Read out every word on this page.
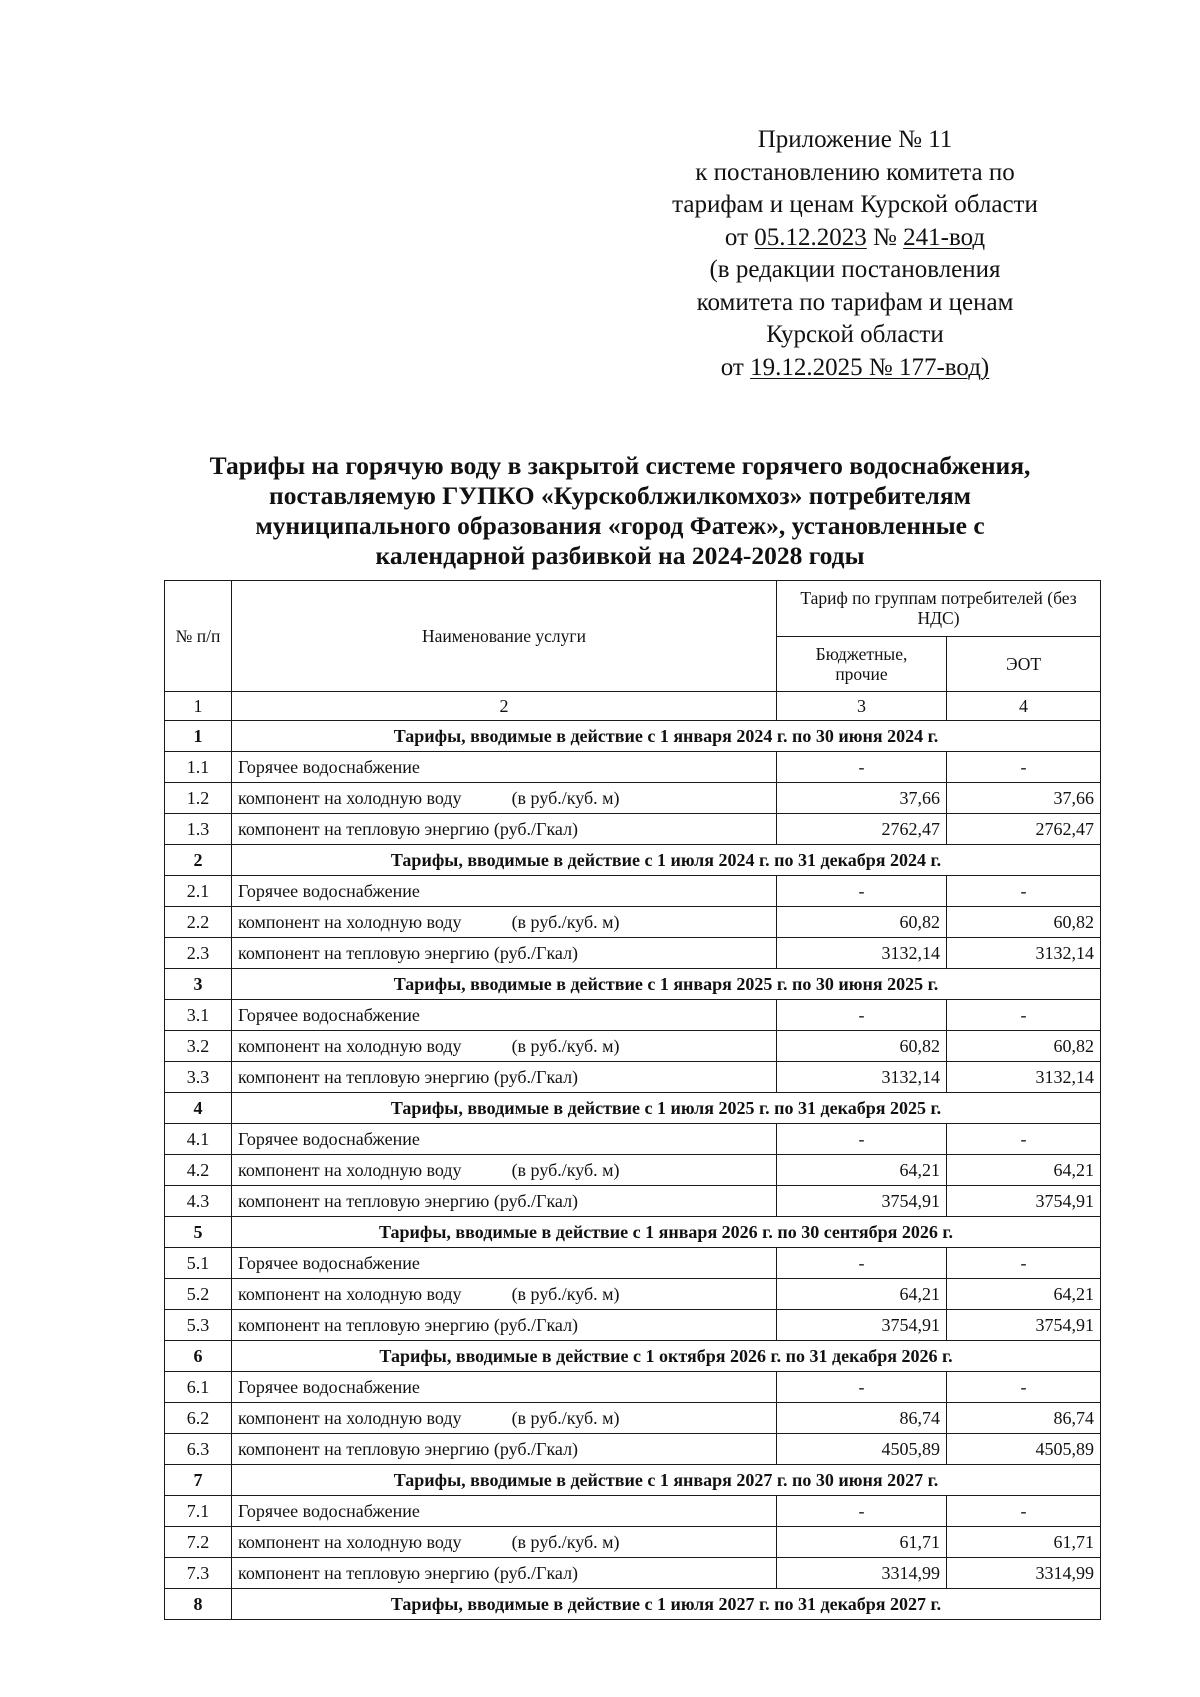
Приложение № 11
к постановлению комитета по
тарифам и ценам Курской области
от 05.12.2023 № 241-вод
(в редакции постановления
комитета по тарифам и ценам
Курской области
от 19.12.2025 № 177-вод)
Тарифы на горячую воду в закрытой системе горячего водоснабжения,
поставляемую ГУПКО «Курскоблжилкомхоз» потребителям
муниципального образования «город Фатеж», установленные с
календарной разбивкой на 2024-2028 годы
№ п/п	Наименование услуги	Тариф по группам потребителей (без НДС)	
		Бюджетные, прочие	ЭОТ
1	2	3	4
1	Тарифы, вводимые в действие с 1 января 2024 г. по 30 июня 2024 г.		
1.1	Горячее водоснабжение	-	-
1.2	компонент на холодную воду (в руб./куб. м)	37,66	37,66
1.3	компонент на тепловую энергию (руб./Гкал)	2762,47	2762,47
2	Тарифы, вводимые в действие с 1 июля 2024 г. по 31 декабря 2024 г.		
2.1	Горячее водоснабжение	-	-
2.2	компонент на холодную воду (в руб./куб. м)	60,82	60,82
2.3	компонент на тепловую энергию (руб./Гкал)	3132,14	3132,14
3	Тарифы, вводимые в действие с 1 января 2025 г. по 30 июня 2025 г.		
3.1	Горячее водоснабжение	-	-
3.2	компонент на холодную воду (в руб./куб. м)	60,82	60,82
3.3	компонент на тепловую энергию (руб./Гкал)	3132,14	3132,14
4	Тарифы, вводимые в действие с 1 июля 2025 г. по 31 декабря 2025 г.		
4.1	Горячее водоснабжение	-	-
4.2	компонент на холодную воду (в руб./куб. м)	64,21	64,21
4.3	компонент на тепловую энергию (руб./Гкал)	3754,91	3754,91
5	Тарифы, вводимые в действие с 1 января 2026 г. по 30 сентября 2026 г.		
5.1	Горячее водоснабжение	-	-
5.2	компонент на холодную воду (в руб./куб. м)	64,21	64,21
5.3	компонент на тепловую энергию (руб./Гкал)	3754,91	3754,91
6	Тарифы, вводимые в действие с 1 октября 2026 г. по 31 декабря 2026 г.		
6.1	Горячее водоснабжение	-	-
6.2	компонент на холодную воду (в руб./куб. м)	86,74	86,74
6.3	компонент на тепловую энергию (руб./Гкал)	4505,89	4505,89
7	Тарифы, вводимые в действие с 1 января 2027 г. по 30 июня 2027 г.		
7.1	Горячее водоснабжение	-	-
7.2	компонент на холодную воду (в руб./куб. м)	61,71	61,71
7.3	компонент на тепловую энергию (руб./Гкал)	3314,99	3314,99
8	Тарифы, вводимые в действие с 1 июля 2027 г. по 31 декабря 2027 г.		
